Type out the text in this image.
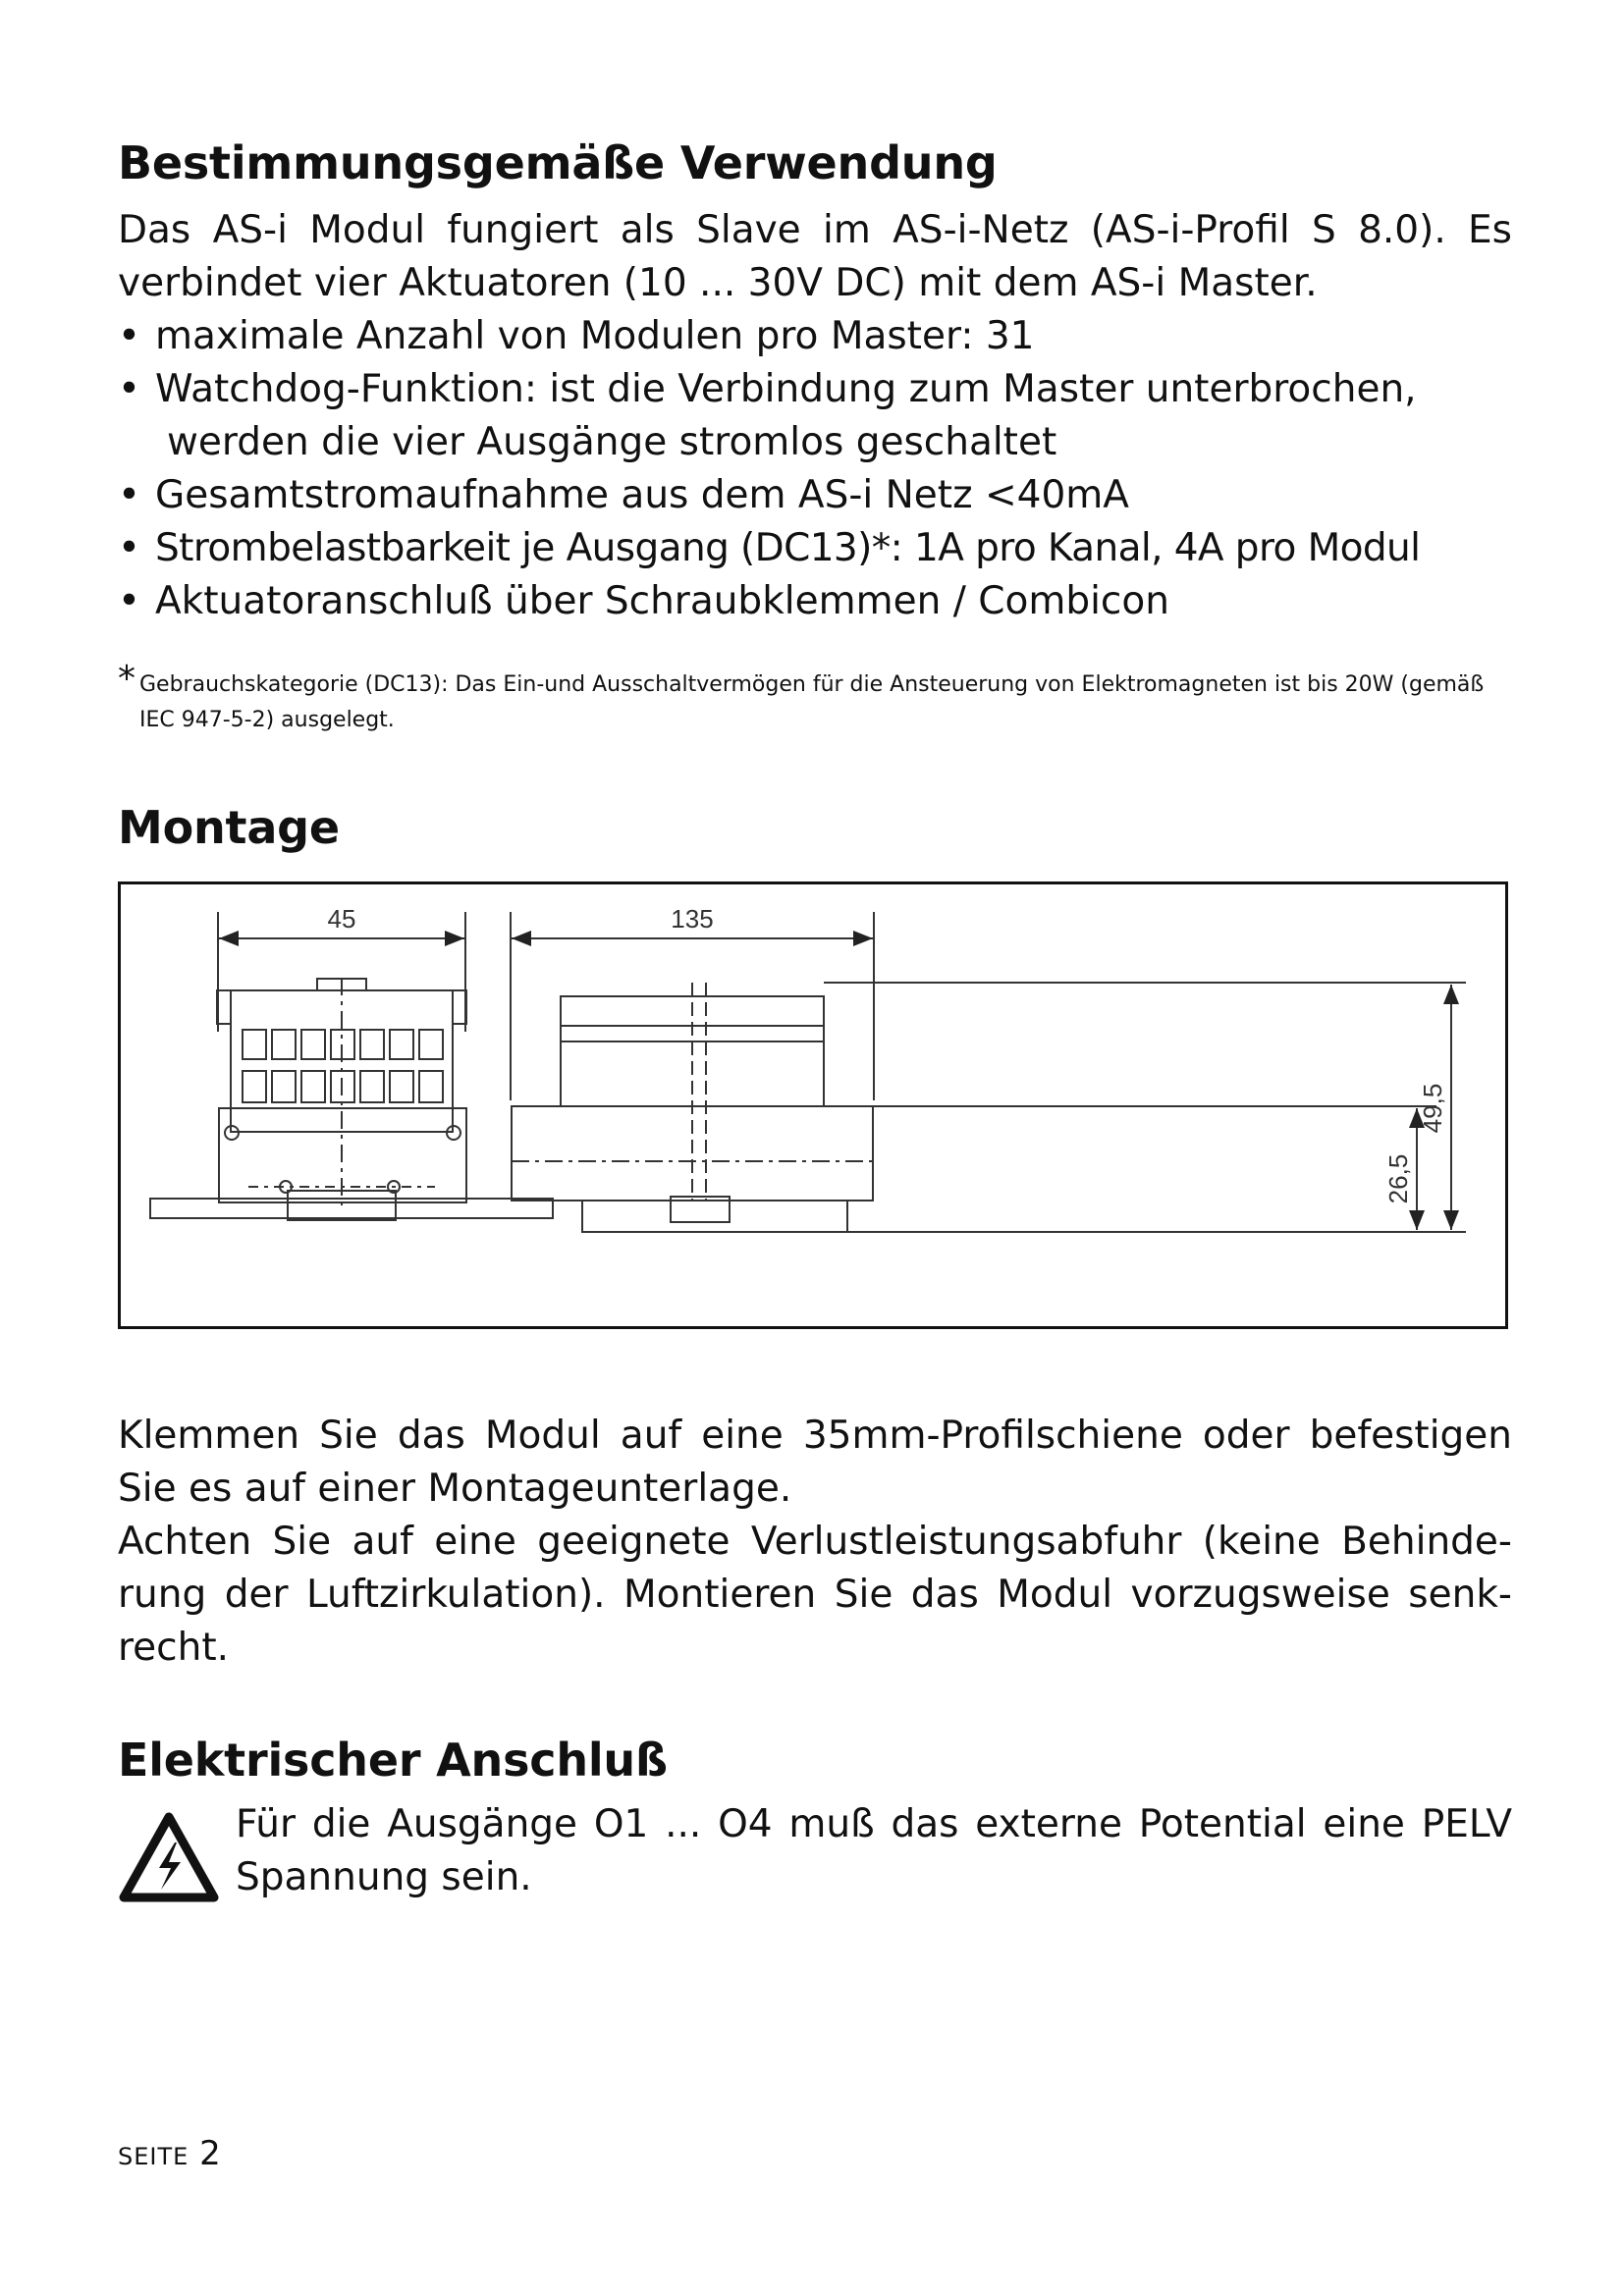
Bestimmungsgemäße Verwendung

Das AS-i Modul fungiert als Slave im AS-i-Netz (AS-i-Profil S 8.0). Es verbindet vier Aktuatoren (10 ... 30V DC) mit dem AS-i Master.

• maximale Anzahl von Modulen pro Master: 31
• Watchdog-Funktion: ist die Verbindung zum Master unterbrochen,
werden die vier Ausgänge stromlos geschaltet
• Gesamtstromaufnahme aus dem AS-i Netz <40mA
• Strombelastbarkeit je Ausgang (DC13)*: 1A pro Kanal, 4A pro Modul
• Aktuatoranschluß über Schraubklemmen / Combicon
* Gebrauchskategorie (DC13): Das Ein-und Ausschaltvermögen für die Ansteuerung von Elektromagneten ist bis 20W (gemäß IEC 947-5-2) ausgelegt.
Montage
45	135
49,5
26,5

Klemmen Sie das Modul auf eine 35mm-Profilschiene oder befestigen Sie es auf einer Montageunterlage.

Achten Sie auf eine geeignete Verlustleistungsabfuhr (keine Behinde-rung der Luftzirkulation). Montieren Sie das Modul vorzugsweise senk-recht.

Elektrischer Anschluß

Für die Ausgänge O1 ... O4 muß das externe Potential eine PELV Spannung sein.

SEITE 2
